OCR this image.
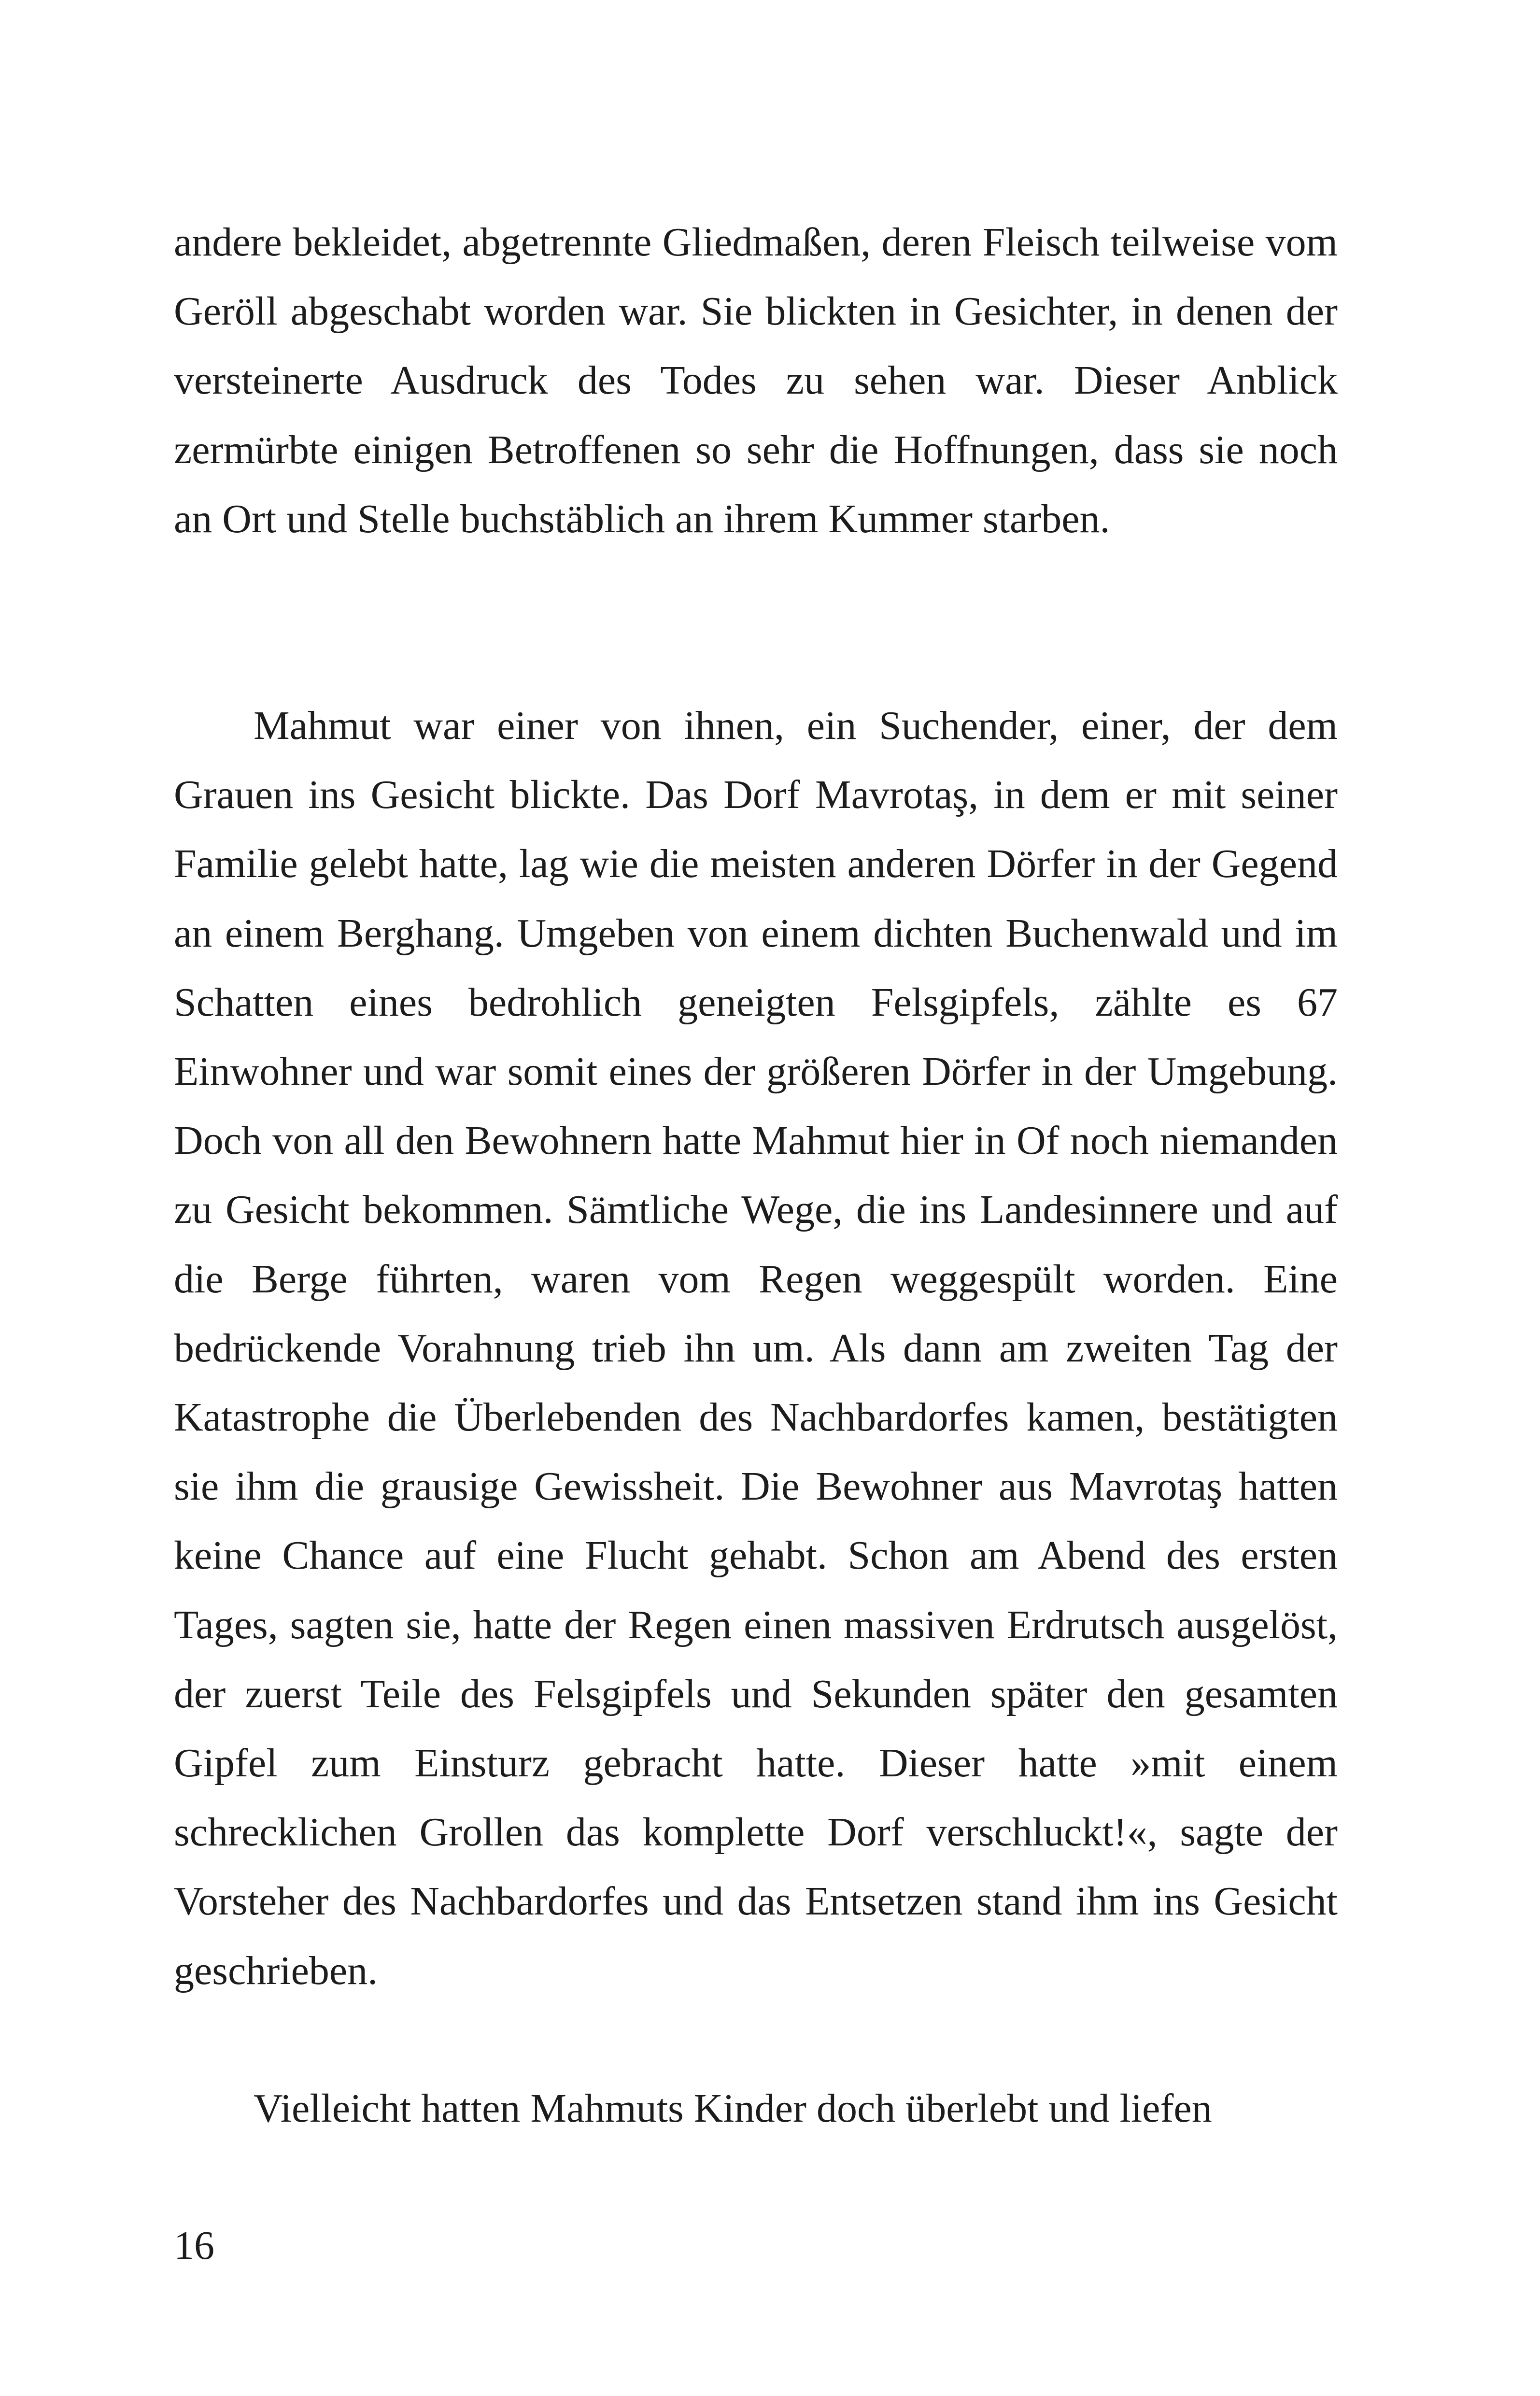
andere bekleidet, abgetrennte Gliedmaßen, deren Fleisch teilweise vom Geröll abgeschabt worden war. Sie blickten in Gesichter, in denen der versteinerte Ausdruck des Todes zu sehen war. Dieser Anblick zermürbte einigen Betroffenen so sehr die Hoffnungen, dass sie noch an Ort und Stelle buchstäblich an ihrem Kummer starben.

Mahmut war einer von ihnen, ein Suchender, einer, der dem Grauen ins Gesicht blickte. Das Dorf Mavrotaş, in dem er mit seiner Familie gelebt hatte, lag wie die meisten anderen Dörfer in der Gegend an einem Berghang. Umgeben von einem dichten Buchenwald und im Schatten eines bedrohlich geneigten Felsgipfels, zählte es 67 Einwohner und war somit eines der größeren Dörfer in der Umgebung. Doch von all den Bewohnern hatte Mahmut hier in Of noch niemanden zu Gesicht bekommen. Sämtliche Wege, die ins Landesinnere und auf die Berge führten, waren vom Regen weggespült worden. Eine bedrückende Vorahnung trieb ihn um. Als dann am zweiten Tag der Katastrophe die Überlebenden des Nachbardorfes kamen, bestätigten sie ihm die grausige Gewissheit. Die Bewohner aus Mavrotaş hatten keine Chance auf eine Flucht gehabt. Schon am Abend des ersten Tages, sagten sie, hatte der Regen einen massiven Erdrutsch ausgelöst, der zuerst Teile des Felsgipfels und Sekunden später den gesamten Gipfel zum Einsturz gebracht hatte. Dieser hatte »mit einem schrecklichen Grollen das komplette Dorf verschluckt!«, sagte der Vorsteher des Nachbardorfes und das Entsetzen stand ihm ins Gesicht geschrieben.

Vielleicht hatten Mahmuts Kinder doch überlebt und liefen

16
